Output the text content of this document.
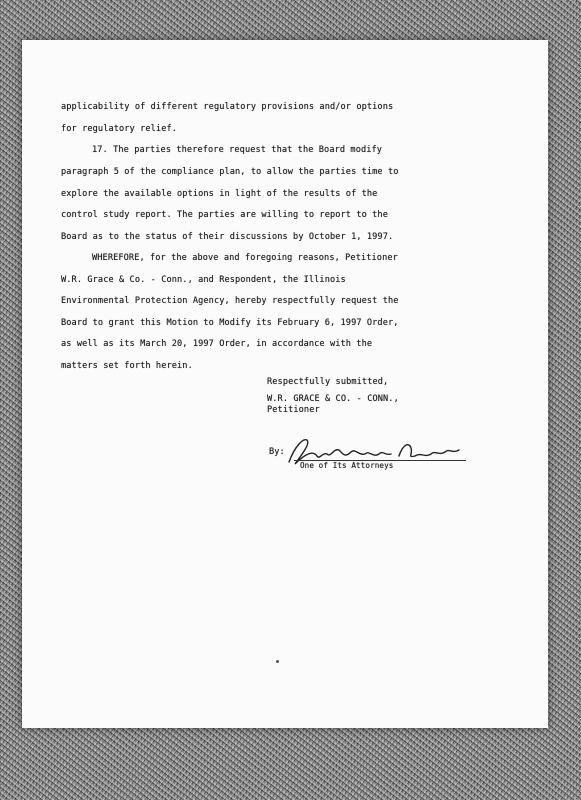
applicability of different regulatory provisions and/or options
for regulatory relief.
17. The parties therefore request that the Board modify
paragraph 5 of the compliance plan, to allow the parties time to
explore the available options in light of the results of the
control study report. The parties are willing to report to the
Board as to the status of their discussions by October 1, 1997.
WHEREFORE, for the above and foregoing reasons, Petitioner
W.R. Grace & Co. - Conn., and Respondent, the Illinois
Environmental Protection Agency, hereby respectfully request the
Board to grant this Motion to Modify its February 6, 1997 Order,
as well as its March 20, 1997 Order, in accordance with the
matters set forth herein.
Respectfully submitted,
W.R. GRACE & CO. - CONN.,
Petitioner
By:
One of Its Attorneys
